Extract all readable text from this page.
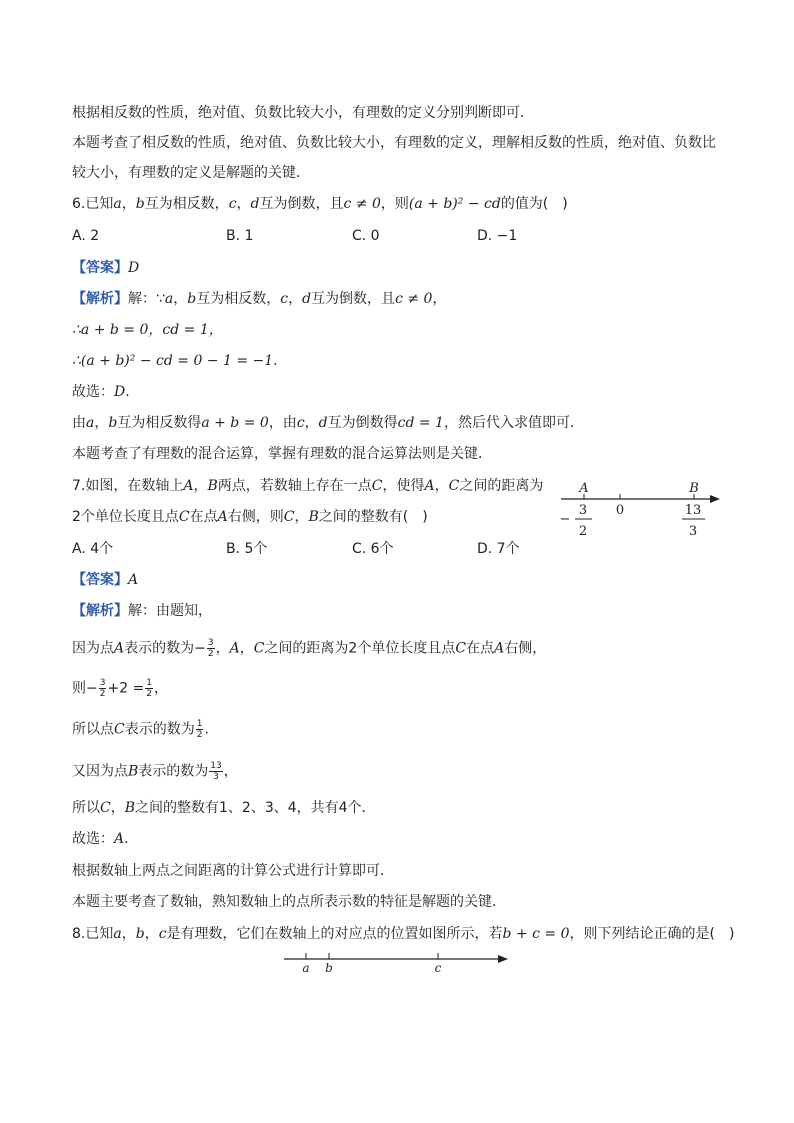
根据相反数的性质，绝对值、负数比较大小，有理数的定义分别判断即可．
本题考查了相反数的性质，绝对值、负数比较大小，有理数的定义，理解相反数的性质，绝对值、负数比
较大小，有理数的定义是解题的关键．
6.已知a，b互为相反数，c，d互为倒数，且c ≠ 0，则(a + b)² − cd的值为(　)
A. 2	B. 1	C. 0	D. −1
【答案】D
【解析】解：∵a，b互为相反数，c，d互为倒数，且c ≠ 0，
∴a + b = 0，cd = 1，
∴(a + b)² − cd = 0 − 1 = −1.
故选：D．
由a，b互为相反数得a + b = 0，由c，d互为倒数得cd = 1，然后代入求值即可．
本题考查了有理数的混合运算，掌握有理数的混合运算法则是关键．
7.如图，在数轴上A，B两点，若数轴上存在一点C，使得A，C之间的距离为
2个单位长度且点C在点A右侧，则C，B之间的整数有(　)
A	B
0
−
3
2
13
3
A. 4个	B. 5个	C. 6个	D. 7个
【答案】A
【解析】解：由题知，
因为点A表示的数为− $\frac{3}{2}$ ，A，C之间的距离为2个单位长度且点C在点A右侧，
则− $\frac{3}{2} +2 = \frac{1}{2}$ ，
所以点C表示的数为 $\frac{1}{2}$ .
又因为点B表示的数为 $\frac{13}{3}$ ，
所以C，B之间的整数有1、2、3、4，共有4个．
故选：A．
根据数轴上两点之间距离的计算公式进行计算即可．
本题主要考查了数轴，熟知数轴上的点所表示数的特征是解题的关键．
8.已知a，b，c是有理数，它们在数轴上的对应点的位置如图所示，若b + c = 0，则下列结论正确的是(　)
a b	c
